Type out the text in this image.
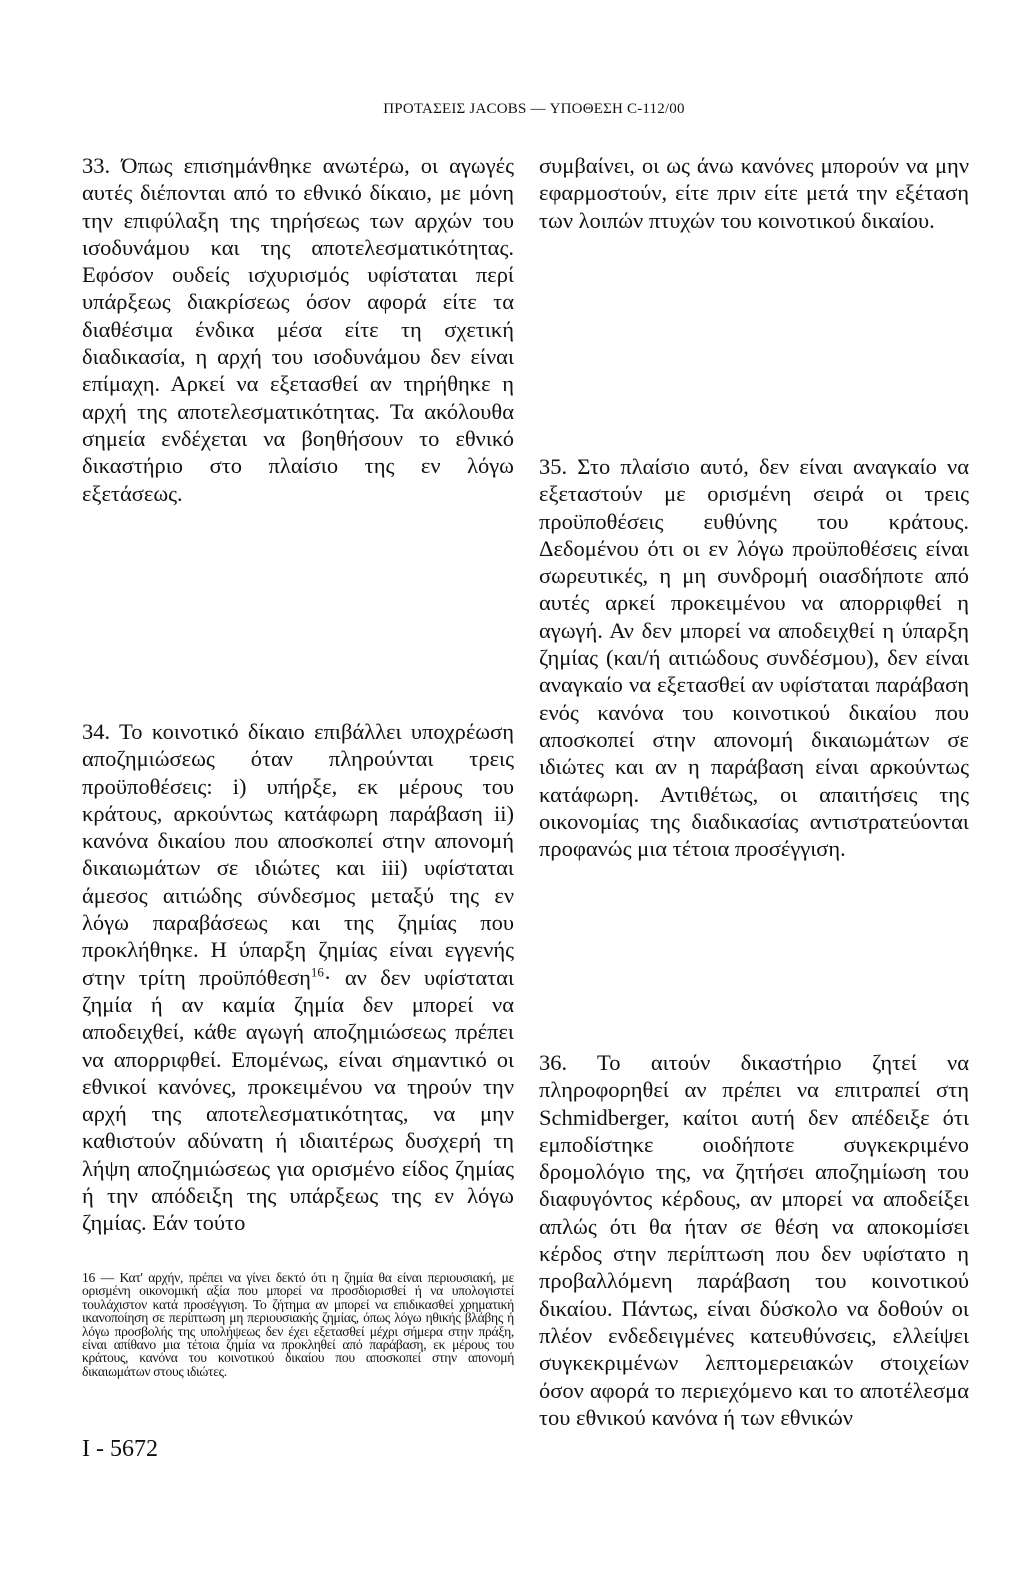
ΠΡΟΤΑΣΕΙΣ JACOBS — ΥΠΟΘΕΣΗ C-112/00

33. Όπως επισημάνθηκε ανωτέρω, οι αγωγές αυτές διέπονται από το εθνικό δίκαιο, με μόνη την επιφύλαξη της τηρήσεως των αρχών του ισοδυνάμου και της αποτελεσματικότητας. Εφόσον ουδείς ισχυρισμός υφίσταται περί υπάρξεως διακρίσεως όσον αφορά είτε τα διαθέσιμα ένδικα μέσα είτε τη σχετική διαδικασία, η αρχή του ισοδυνάμου δεν είναι επίμαχη. Αρκεί να εξετασθεί αν τηρήθηκε η αρχή της αποτελεσματικότητας. Τα ακόλουθα σημεία ενδέχεται να βοηθήσουν το εθνικό δικαστήριο στο πλαίσιο της εν λόγω εξετάσεως.

34. Το κοινοτικό δίκαιο επιβάλλει υποχρέωση αποζημιώσεως όταν πληρούνται τρεις προϋποθέσεις: i) υπήρξε, εκ μέρους του κράτους, αρκούντως κατάφωρη παράβαση ii) κανόνα δικαίου που αποσκοπεί στην απονομή δικαιωμάτων σε ιδιώτες και iii) υφίσταται άμεσος αιτιώδης σύνδεσμος μεταξύ της εν λόγω παραβάσεως και της ζημίας που προκλήθηκε. Η ύπαρξη ζημίας είναι εγγενής στην τρίτη προϋπόθεση$^{16}$· αν δεν υφίσταται ζημία ή αν καμία ζημία δεν μπορεί να αποδειχθεί, κάθε αγωγή αποζημιώσεως πρέπει να απορριφθεί. Επομένως, είναι σημαντικό οι εθνικοί κανόνες, προκειμένου να τηρούν την αρχή της αποτελεσματικότητας, να μην καθιστούν αδύνατη ή ιδιαιτέρως δυσχερή τη λήψη αποζημιώσεως για ορισμένο είδος ζημίας ή την απόδειξη της υπάρξεως της εν λόγω ζημίας. Εάν τούτο

16 — Κατ' αρχήν, πρέπει να γίνει δεκτό ότι η ζημία θα είναι περιουσιακή, με ορισμένη οικονομική αξία που μπορεί να προσδιορισθεί ή να υπολογιστεί τουλάχιστον κατά προσέγγιση. Το ζήτημα αν μπορεί να επιδικασθεί χρηματική ικανοποίηση σε περίπτωση μη περιουσιακής ζημίας, όπως λόγω ηθικής βλάβης ή λόγω προσβολής της υπολήψεως δεν έχει εξετασθεί μέχρι σήμερα στην πράξη, είναι απίθανο μια τέτοια ζημία να προκληθεί από παράβαση, εκ μέρους του κράτους, κανόνα του κοινοτικού δικαίου που αποσκοπεί στην απονομή δικαιωμάτων στους ιδιώτες.
I - 5672

συμβαίνει, οι ως άνω κανόνες μπορούν να μην εφαρμοστούν, είτε πριν είτε μετά την εξέταση των λοιπών πτυχών του κοινοτικού δικαίου.

35. Στο πλαίσιο αυτό, δεν είναι αναγκαίο να εξεταστούν με ορισμένη σειρά οι τρεις προϋποθέσεις ευθύνης του κράτους. Δεδομένου ότι οι εν λόγω προϋποθέσεις είναι σωρευτικές, η μη συνδρομή οιασδήποτε από αυτές αρκεί προκειμένου να απορριφθεί η αγωγή. Αν δεν μπορεί να αποδειχθεί η ύπαρξη ζημίας (και/ή αιτιώδους συνδέσμου), δεν είναι αναγκαίο να εξετασθεί αν υφίσταται παράβαση ενός κανόνα του κοινοτικού δικαίου που αποσκοπεί στην απονομή δικαιωμάτων σε ιδιώτες και αν η παράβαση είναι αρκούντως κατάφωρη. Αντιθέτως, οι απαιτήσεις της οικονομίας της διαδικασίας αντιστρατεύονται προφανώς μια τέτοια προσέγγιση.

36. Το αιτούν δικαστήριο ζητεί να πληροφορηθεί αν πρέπει να επιτραπεί στη Schmidberger, καίτοι αυτή δεν απέδειξε ότι εμποδίστηκε οιοδήποτε συγκεκριμένο δρομολόγιο της, να ζητήσει αποζημίωση του διαφυγόντος κέρδους, αν μπορεί να αποδείξει απλώς ότι θα ήταν σε θέση να αποκομίσει κέρδος στην περίπτωση που δεν υφίστατο η προβαλλόμενη παράβαση του κοινοτικού δικαίου. Πάντως, είναι δύσκολο να δοθούν οι πλέον ενδεδειγμένες κατευθύνσεις, ελλείψει συγκεκριμένων λεπτομερειακών στοιχείων όσον αφορά το περιεχόμενο και το αποτέλεσμα του εθνικού κανόνα ή των εθνικών
